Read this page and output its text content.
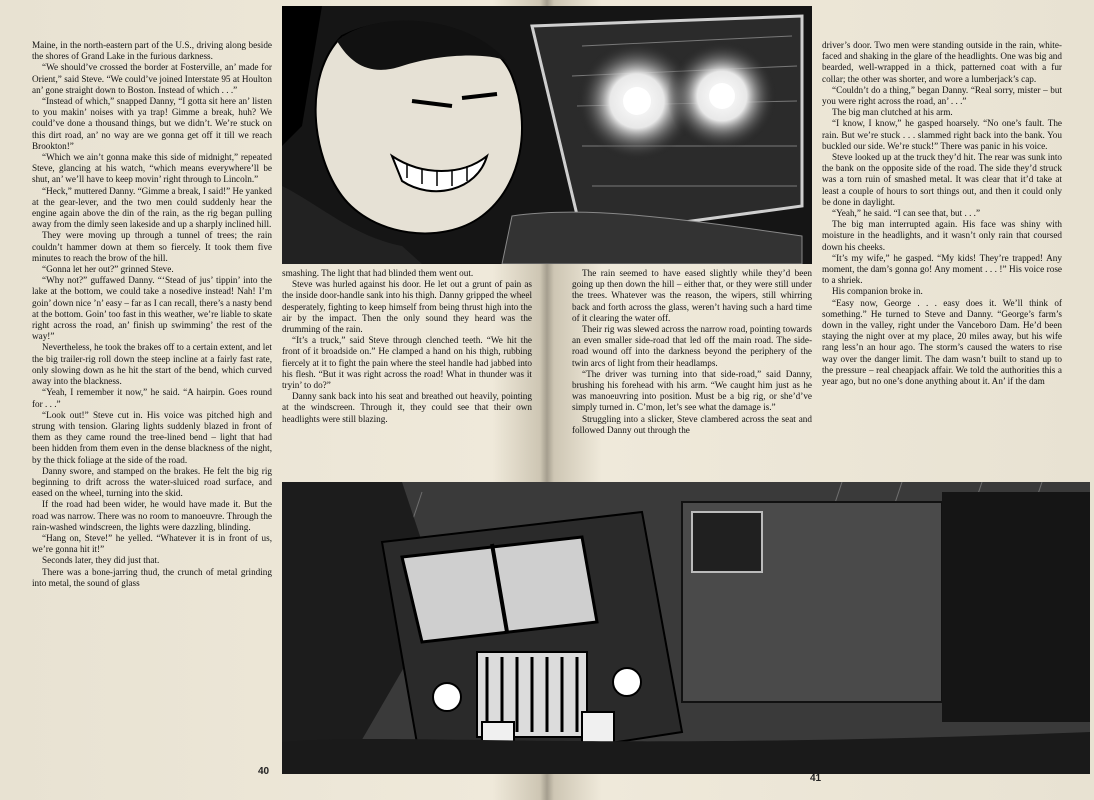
Maine, in the north-eastern part of the U.S., driving along beside the shores of Grand Lake in the furious darkness.

“We should’ve crossed the border at Fosterville, an’ made for Orient,” said Steve. “We could’ve joined Interstate 95 at Houlton an’ gone straight down to Boston. Instead of which . . .”

“Instead of which,” snapped Danny, “I gotta sit here an’ listen to you makin’ noises with ya trap! Gimme a break, huh? We could’ve done a thousand things, but we didn’t. We’re stuck on this dirt road, an’ no way are we gonna get off it till we reach Brookton!”

“Which we ain’t gonna make this side of midnight,” repeated Steve, glancing at his watch, “which means everywhere’ll be shut, an’ we’ll have to keep movin’ right through to Lincoln.”

“Heck,” muttered Danny. “Gimme a break, I said!” He yanked at the gear-lever, and the two men could suddenly hear the engine again above the din of the rain, as the rig began pulling away from the dimly seen lakeside and up a sharply inclined hill.

They were moving up through a tunnel of trees; the rain couldn’t hammer down at them so fiercely. It took them five minutes to reach the brow of the hill.

“Gonna let her out?” grinned Steve.

“Why not?” guffawed Danny. “‘Stead of jus’ tippin’ into the lake at the bottom, we could take a nosedive instead! Nah! I’m goin’ down nice ’n’ easy – far as I can recall, there’s a nasty bend at the bottom. Goin’ too fast in this weather, we’re liable to skate right across the road, an’ finish up swimming’ the rest of the way!”

Nevertheless, he took the brakes off to a certain extent, and let the big trailer-rig roll down the steep incline at a fairly fast rate, only slowing down as he hit the start of the bend, which curved away into the blackness.

“Yeah, I remember it now,” he said. “A hairpin. Goes round for . . .”

“Look out!” Steve cut in. His voice was pitched high and strung with tension. Glaring lights suddenly blazed in front of them as they came round the tree-lined bend – light that had been hidden from them even in the dense blackness of the night, by the thick foliage at the side of the road.

Danny swore, and stamped on the brakes. He felt the big rig beginning to drift across the water-sluiced road surface, and eased on the wheel, turning into the skid.

If the road had been wider, he would have made it. But the road was narrow. There was no room to manoeuvre. Through the rain-washed windscreen, the lights were dazzling, blinding.

“Hang on, Steve!” he yelled. “Whatever it is in front of us, we’re gonna hit it!”

Seconds later, they did just that.

There was a bone-jarring thud, the crunch of metal grinding into metal, the sound of glass

smashing. The light that had blinded them went out.

Steve was hurled against his door. He let out a grunt of pain as the inside door-handle sank into his thigh. Danny gripped the wheel desperately, fighting to keep himself from being thrust high into the air by the impact. Then the only sound they heard was the drumming of the rain.

“It’s a truck,” said Steve through clenched teeth. “We hit the front of it broadside on.” He clamped a hand on his thigh, rubbing fiercely at it to fight the pain where the steel handle had jabbed into his flesh. “But it was right across the road! What in thunder was it tryin’ to do?”

Danny sank back into his seat and breathed out heavily, pointing at the windscreen. Through it, they could see that their own headlights were still blazing.

The rain seemed to have eased slightly while they’d been going up then down the hill – either that, or they were still under the trees. Whatever was the reason, the wipers, still whirring back and forth across the glass, weren’t having such a hard time of it clearing the water off.

Their rig was slewed across the narrow road, pointing towards an even smaller side-road that led off the main road. The side-road wound off into the darkness beyond the periphery of the twin arcs of light from their headlamps.

“The driver was turning into that side-road,” said Danny, brushing his forehead with his arm. “We caught him just as he was manoeuvring into position. Must be a big rig, or she’d’ve simply turned in. C’mon, let’s see what the damage is.”

Struggling into a slicker, Steve clambered across the seat and followed Danny out through the

driver’s door. Two men were standing outside in the rain, white-faced and shaking in the glare of the headlights. One was big and bearded, well-wrapped in a thick, patterned coat with a fur collar; the other was shorter, and wore a lumberjack’s cap.

“Couldn’t do a thing,” began Danny. “Real sorry, mister – but you were right across the road, an’ . . .”

The big man clutched at his arm.

“I know, I know,” he gasped hoarsely. “No one’s fault. The rain. But we’re stuck . . . slammed right back into the bank. You buckled our side. We’re stuck!” There was panic in his voice.

Steve looked up at the truck they’d hit. The rear was sunk into the bank on the opposite side of the road. The side they’d struck was a torn ruin of smashed metal. It was clear that it’d take at least a couple of hours to sort things out, and then it could only be done in daylight.

“Yeah,” he said. “I can see that, but . . .”

The big man interrupted again. His face was shiny with moisture in the headlights, and it wasn’t only rain that coursed down his cheeks.

“It’s my wife,” he gasped. “My kids! They’re trapped! Any moment, the dam’s gonna go! Any moment . . . !” His voice rose to a shriek.

His companion broke in.

“Easy now, George . . . easy does it. We’ll think of something.” He turned to Steve and Danny. “George’s farm’s down in the valley, right under the Vanceboro Dam. He’d been staying the night over at my place, 20 miles away, but his wife rang less’n an hour ago. The storm’s caused the waters to rise way over the danger limit. The dam wasn’t built to stand up to the pressure – real cheapjack affair. We told the authorities this a year ago, but no one’s done anything about it. An’ if the dam

40
41
